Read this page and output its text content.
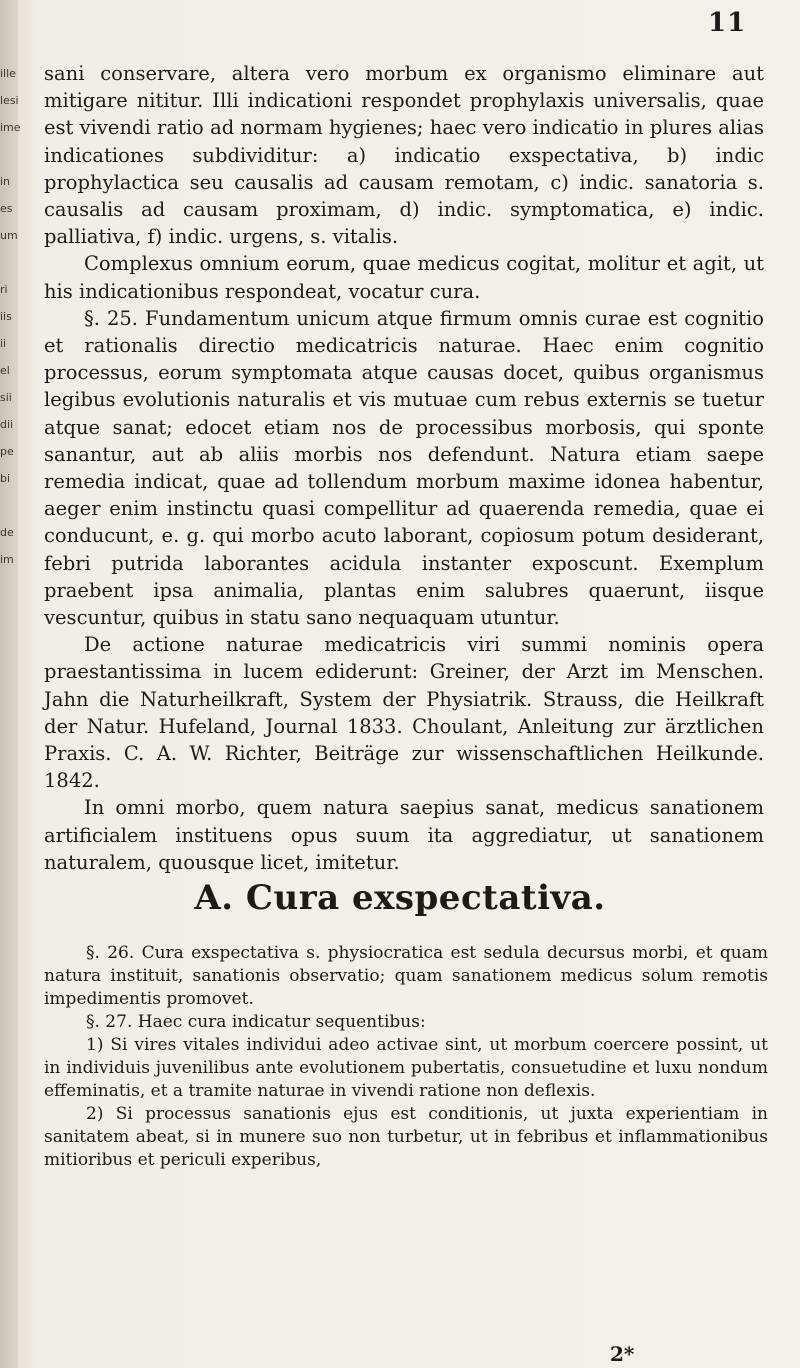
ille
lesi
ime

in
es
um

ri
iis
ii
el
sii
dii
pe
bi

de
im
11

sani conservare, altera vero morbum ex organismo eliminare aut mitigare nititur. Illi indicationi respondet prophylaxis universalis, quae est vivendi ratio ad normam hygienes; haec vero indicatio in plures alias indicationes subdividitur: a) indicatio exspectativa, b) indic prophylactica seu causalis ad causam remotam, c) indic. sanatoria s. causalis ad causam proximam, d) indic. symptomatica, e) indic. palliativa, f) indic. urgens, s. vitalis.

Complexus omnium eorum, quae medicus cogitat, molitur et agit, ut his indicationibus respondeat, vocatur cura.

§. 25. Fundamentum unicum atque firmum omnis curae est cognitio et rationalis directio medicatricis naturae. Haec enim cognitio processus, eorum symptomata atque causas docet, quibus organismus legibus evolutionis naturalis et vis mutuae cum rebus externis se tuetur atque sanat; edocet etiam nos de processibus morbosis, qui sponte sanantur, aut ab aliis morbis nos defendunt. Natura etiam saepe remedia indicat, quae ad tollendum morbum maxime idonea habentur, aeger enim instinctu quasi compellitur ad quaerenda remedia, quae ei conducunt, e. g. qui morbo acuto laborant, copiosum potum desiderant, febri putrida laborantes acidula instanter exposcunt. Exemplum praebent ipsa animalia, plantas enim salubres quaerunt, iisque vescuntur, quibus in statu sano nequaquam utuntur.

De actione naturae medicatricis viri summi nominis opera praestantissima in lucem ediderunt: Greiner, der Arzt im Menschen. Jahn die Naturheilkraft, System der Physiatrik. Strauss, die Heilkraft der Natur. Hufeland, Journal 1833. Choulant, Anleitung zur ärztlichen Praxis. C. A. W. Richter, Beiträge zur wissenschaftlichen Heilkunde. 1842.

In omni morbo, quem natura saepius sanat, medicus sanationem artificialem instituens opus suum ita aggrediatur, ut sanationem naturalem, quousque licet, imitetur.

A. Cura exspectativa.

§. 26. Cura exspectativa s. physiocratica est sedula decursus morbi, et quam natura instituit, sanationis observatio; quam sanationem medicus solum remotis impedimentis promovet.

§. 27. Haec cura indicatur sequentibus:

1) Si vires vitales individui adeo activae sint, ut morbum coercere possint, ut in individuis juvenilibus ante evolutionem pubertatis, consuetudine et luxu nondum effeminatis, et a tramite naturae in vivendi ratione non deflexis.

2) Si processus sanationis ejus est conditionis, ut juxta experientiam in sanitatem abeat, si in munere suo non turbetur, ut in febribus et inflammationibus mitioribus et periculi experibus,

2*
